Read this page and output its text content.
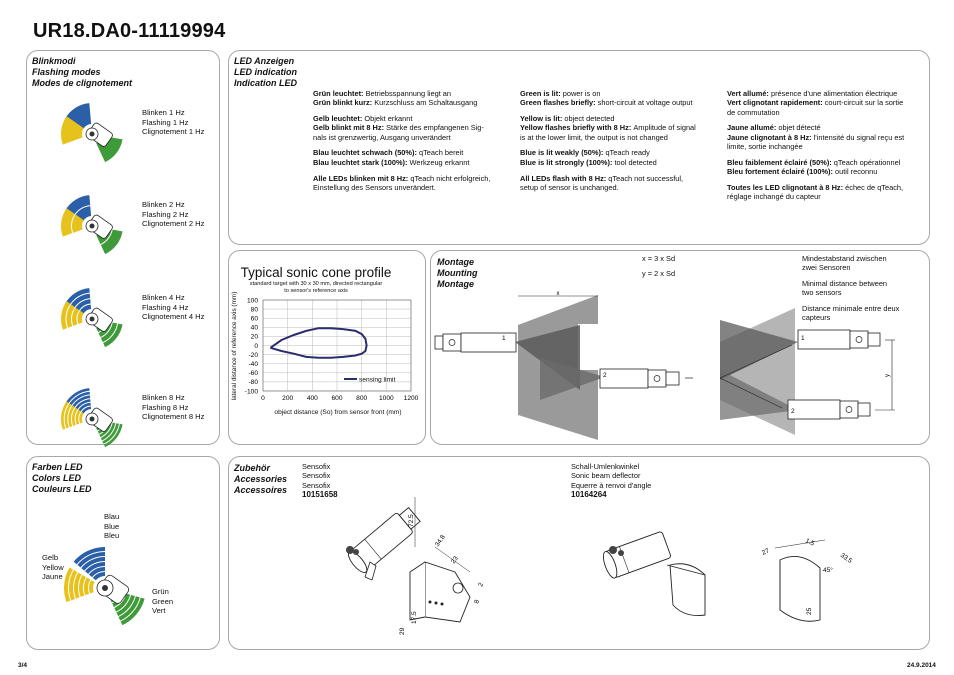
UR18.DA0-11119994
Blinkmodi
Flashing modes
Modes de clignotement
Blinken 1 Hz
Flashing 1 Hz
Clignotement 1 Hz
Blinken 2 Hz
Flashing 2 Hz
Clignotement 2 Hz
Blinken 4 Hz
Flashing 4 Hz
Clignotement 4 Hz
Blinken 8 Hz
Flashing 8 Hz
Clignotement 8 Hz
LED Anzeigen
LED indication
Indication LED

Grün leuchtet: Betriebsspannung liegt an
Grün blinkt kurz: Kurzschluss am Schaltausgang

Gelb leuchtet: Objekt erkannt
Gelb blinkt mit 8 Hz: Stärke des empfangenen Sig-
nals ist grenzwertig, Ausgang unverändert

Blau leuchtet schwach (50%): qTeach bereit
Blau leuchtet stark (100%): Werkzeug erkannt

Alle LEDs blinken mit 8 Hz: qTeach nicht erfolgreich,
Einstellung des Sensors unverändert.

Green is lit: power is on
Green flashes briefly: short-circuit at voltage output

Yellow is lit: object detected
Yellow flashes briefly with 8 Hz: Amplitude of signal
is at the lower limit, the output is not changed

Blue is lit weakly (50%): qTeach ready
Blue is lit strongly (100%): tool detected

All LEDs flash with 8 Hz: qTeach not successful,
setup of sensor is unchanged.

Vert allumé: présence d'une alimentation électrique
Vert clignotant rapidement: court-circuit sur la sortie
de commutation

Jaune allumé: objet détecté
Jaune clignotant à 8 Hz: l'intensité du signal reçu est
limite, sortie inchangée

Bleu faiblement éclairé (50%): qTeach opérationnel
Bleu fortement éclairé (100%): outil reconnu

Toutes les LED clignotant à 8 Hz: échec de qTeach,
réglage inchangé du capteur

Typical sonic cone profile
standard target with 30 x 30 mm, directed rectangular
to sensor's reference axis
0	200 400 600 800 1000 1200
100
80
60
40
20
0
-20
-40
-60
-80
-100
sensing limit
object distance (So) from sensor front (mm)
lateral distance of reference axis (mm)
Montage
Mounting
Montage
x = 3 x Sd
y = 2 x Sd
Mindestabstand zwischen
zwei Sensoren
Minimal distance between
two sensors
Distance minimale entre deux
capteurs
x
1
2
1
2
y
Farben LED
Colors LED
Couleurs LED
Blau
Blue
Bleu
Gelb
Yellow
Jaune
Grün
Green
Vert
Zubehör
Accessories
Accessoires
Sensofix
Sensofix
Sensofix
10151658
Schall-Umlenkwinkel
Sonic beam deflector
Equerre à renvoi d'angle
10164264
72.5
34.8
23
29
17.5
8
2
27
1.5
33.5
45°
25
3/4	24.9.2014
